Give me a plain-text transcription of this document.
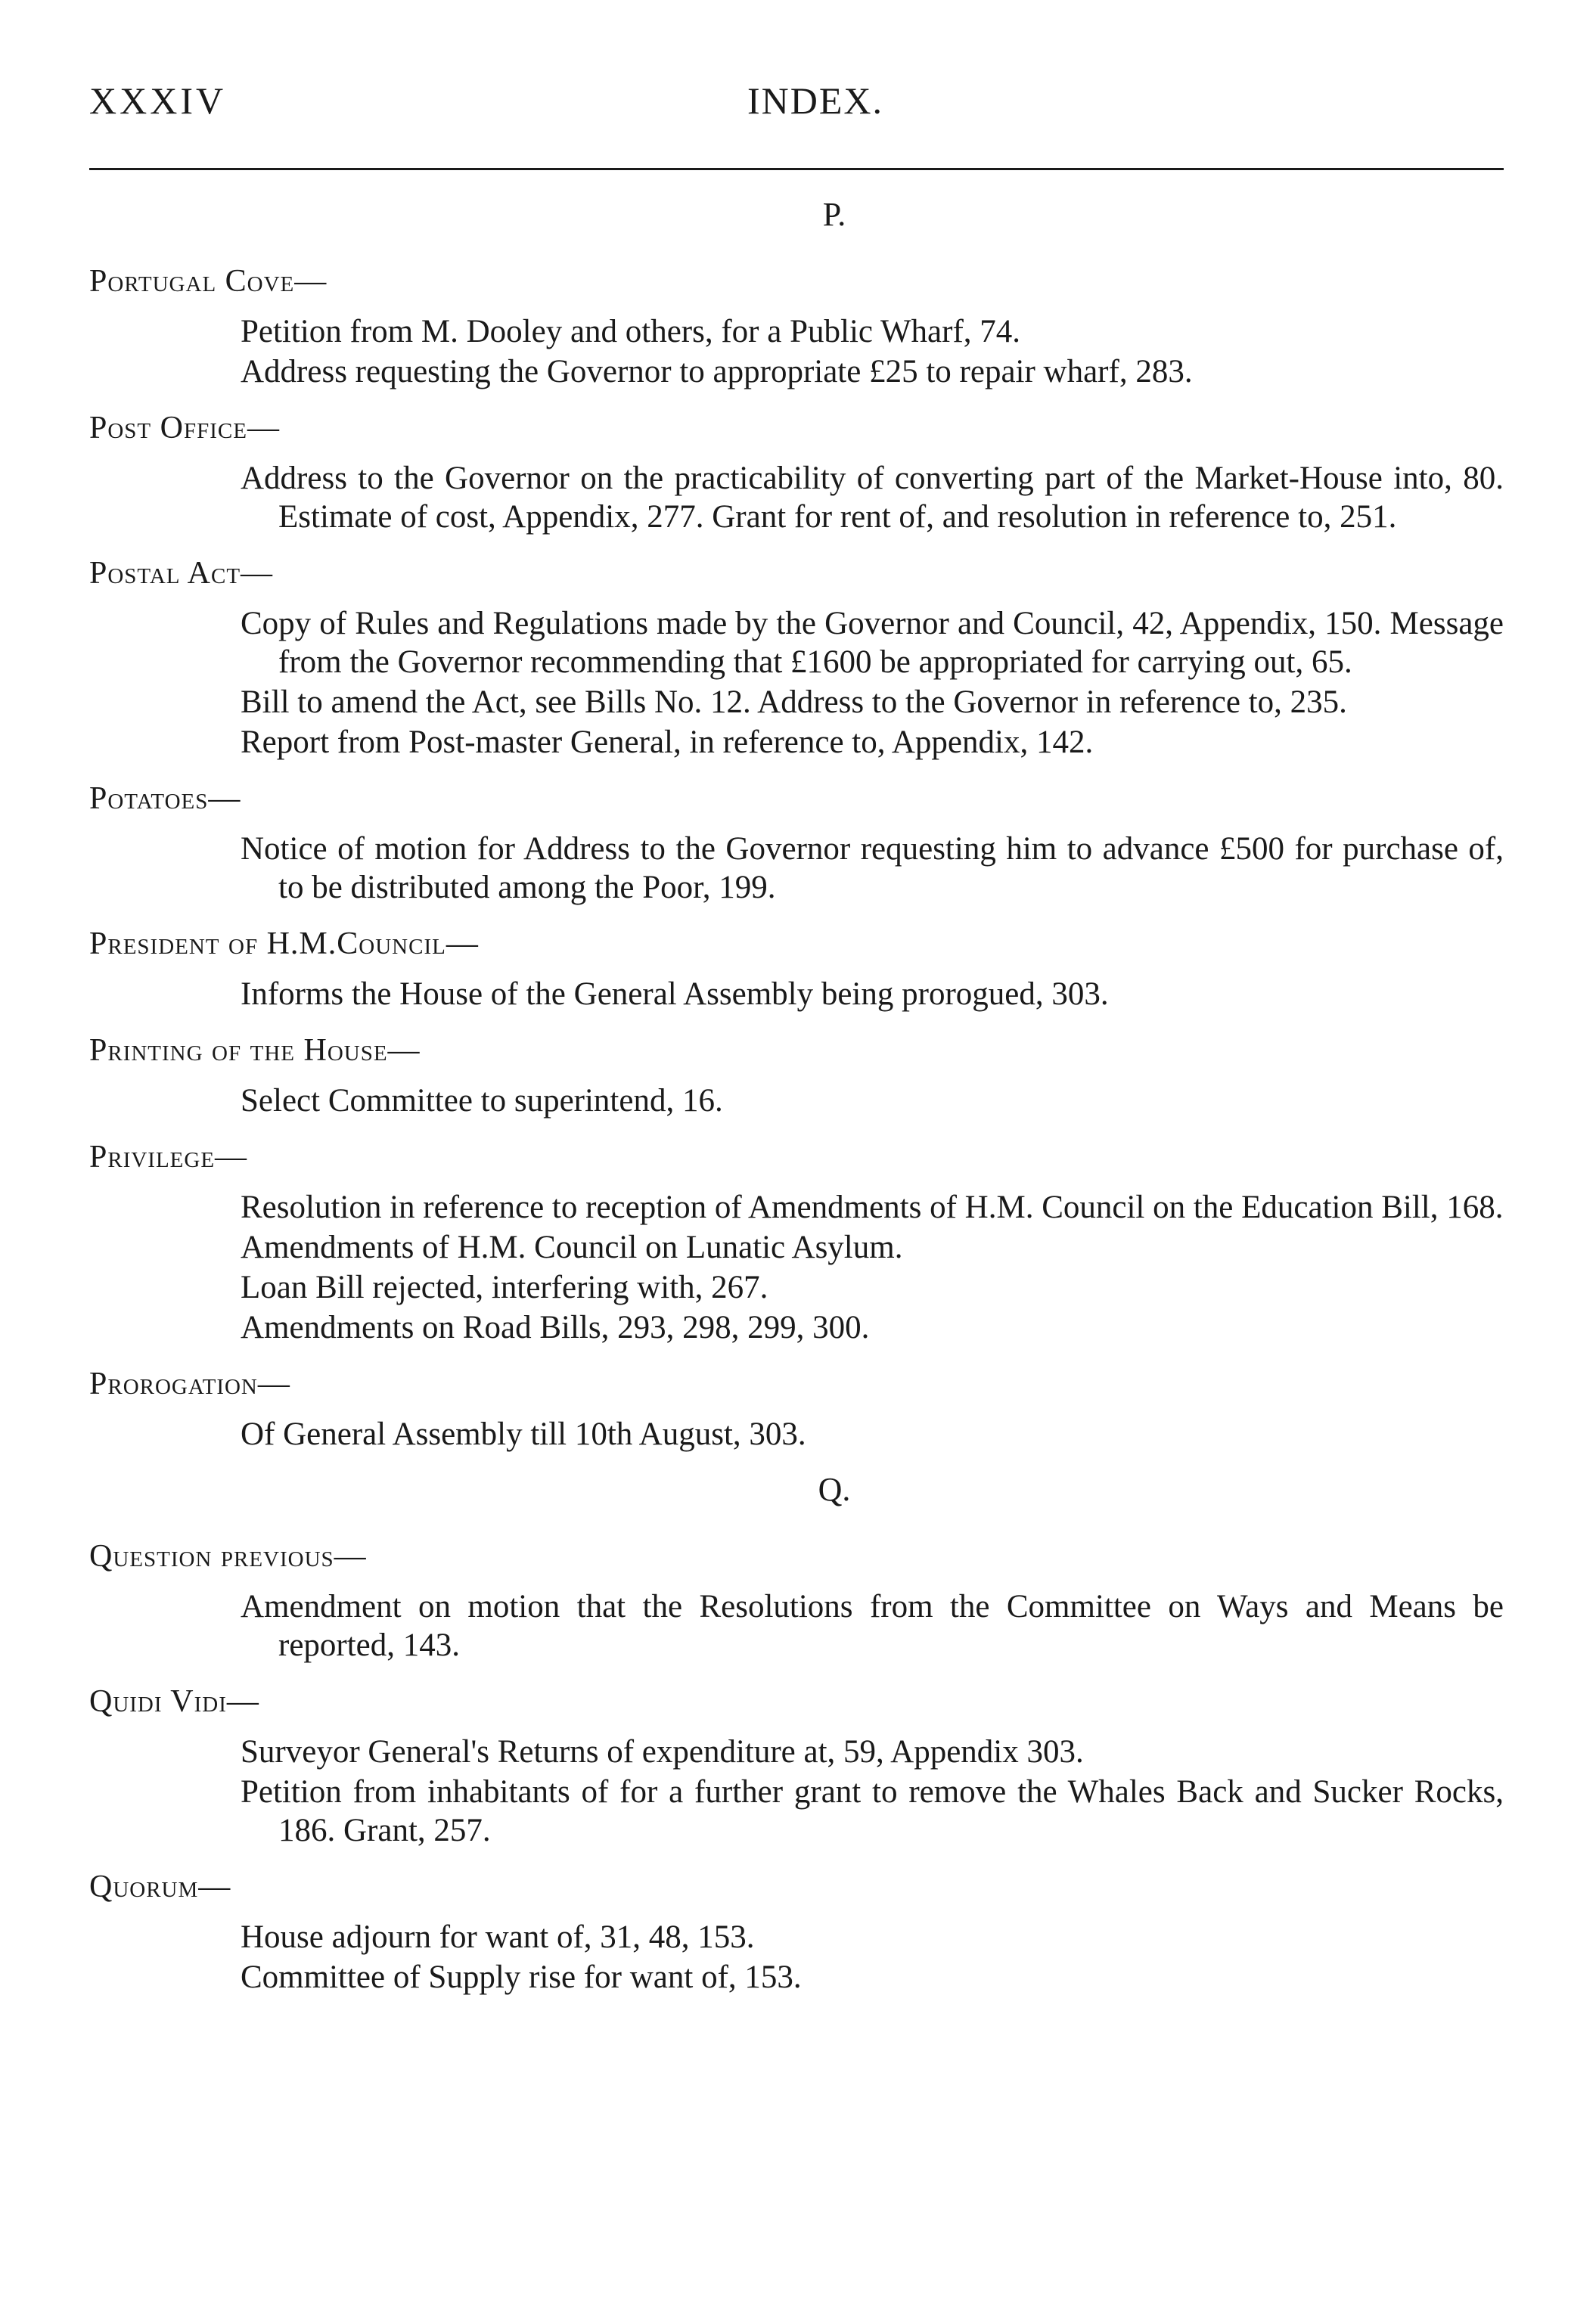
XXXIV	INDEX.
P.
Portugal Cove—
Petition from M. Dooley and others, for a Public Wharf, 74.
Address requesting the Governor to appropriate £25 to repair wharf, 283.
Post Office—
Address to the Governor on the practicability of converting part of the Market-House into, 80. Estimate of cost, Appendix, 277. Grant for rent of, and resolution in reference to, 251.
Postal Act—
Copy of Rules and Regulations made by the Governor and Council, 42, Appendix, 150. Message from the Governor recommending that £1600 be appropriated for carrying out, 65.
Bill to amend the Act, see Bills No. 12. Address to the Governor in reference to, 235.
Report from Post-master General, in reference to, Appendix, 142.
Potatoes—
Notice of motion for Address to the Governor requesting him to advance £500 for purchase of, to be distributed among the Poor, 199.
President of H.M.Council—
Informs the House of the General Assembly being prorogued, 303.
Printing of the House—
Select Committee to superintend, 16.
Privilege—
Resolution in reference to reception of Amendments of H.M. Council on the Education Bill, 168.
Amendments of H.M. Council on Lunatic Asylum.
Loan Bill rejected, interfering with, 267.
Amendments on Road Bills, 293, 298, 299, 300.
Prorogation—
Of General Assembly till 10th August, 303.
Q.
Question previous—
Amendment on motion that the Resolutions from the Committee on Ways and Means be reported, 143.
Quidi Vidi—
Surveyor General's Returns of expenditure at, 59, Appendix 303.
Petition from inhabitants of for a further grant to remove the Whales Back and Sucker Rocks, 186. Grant, 257.
Quorum—
House adjourn for want of, 31, 48, 153.
Committee of Supply rise for want of, 153.
